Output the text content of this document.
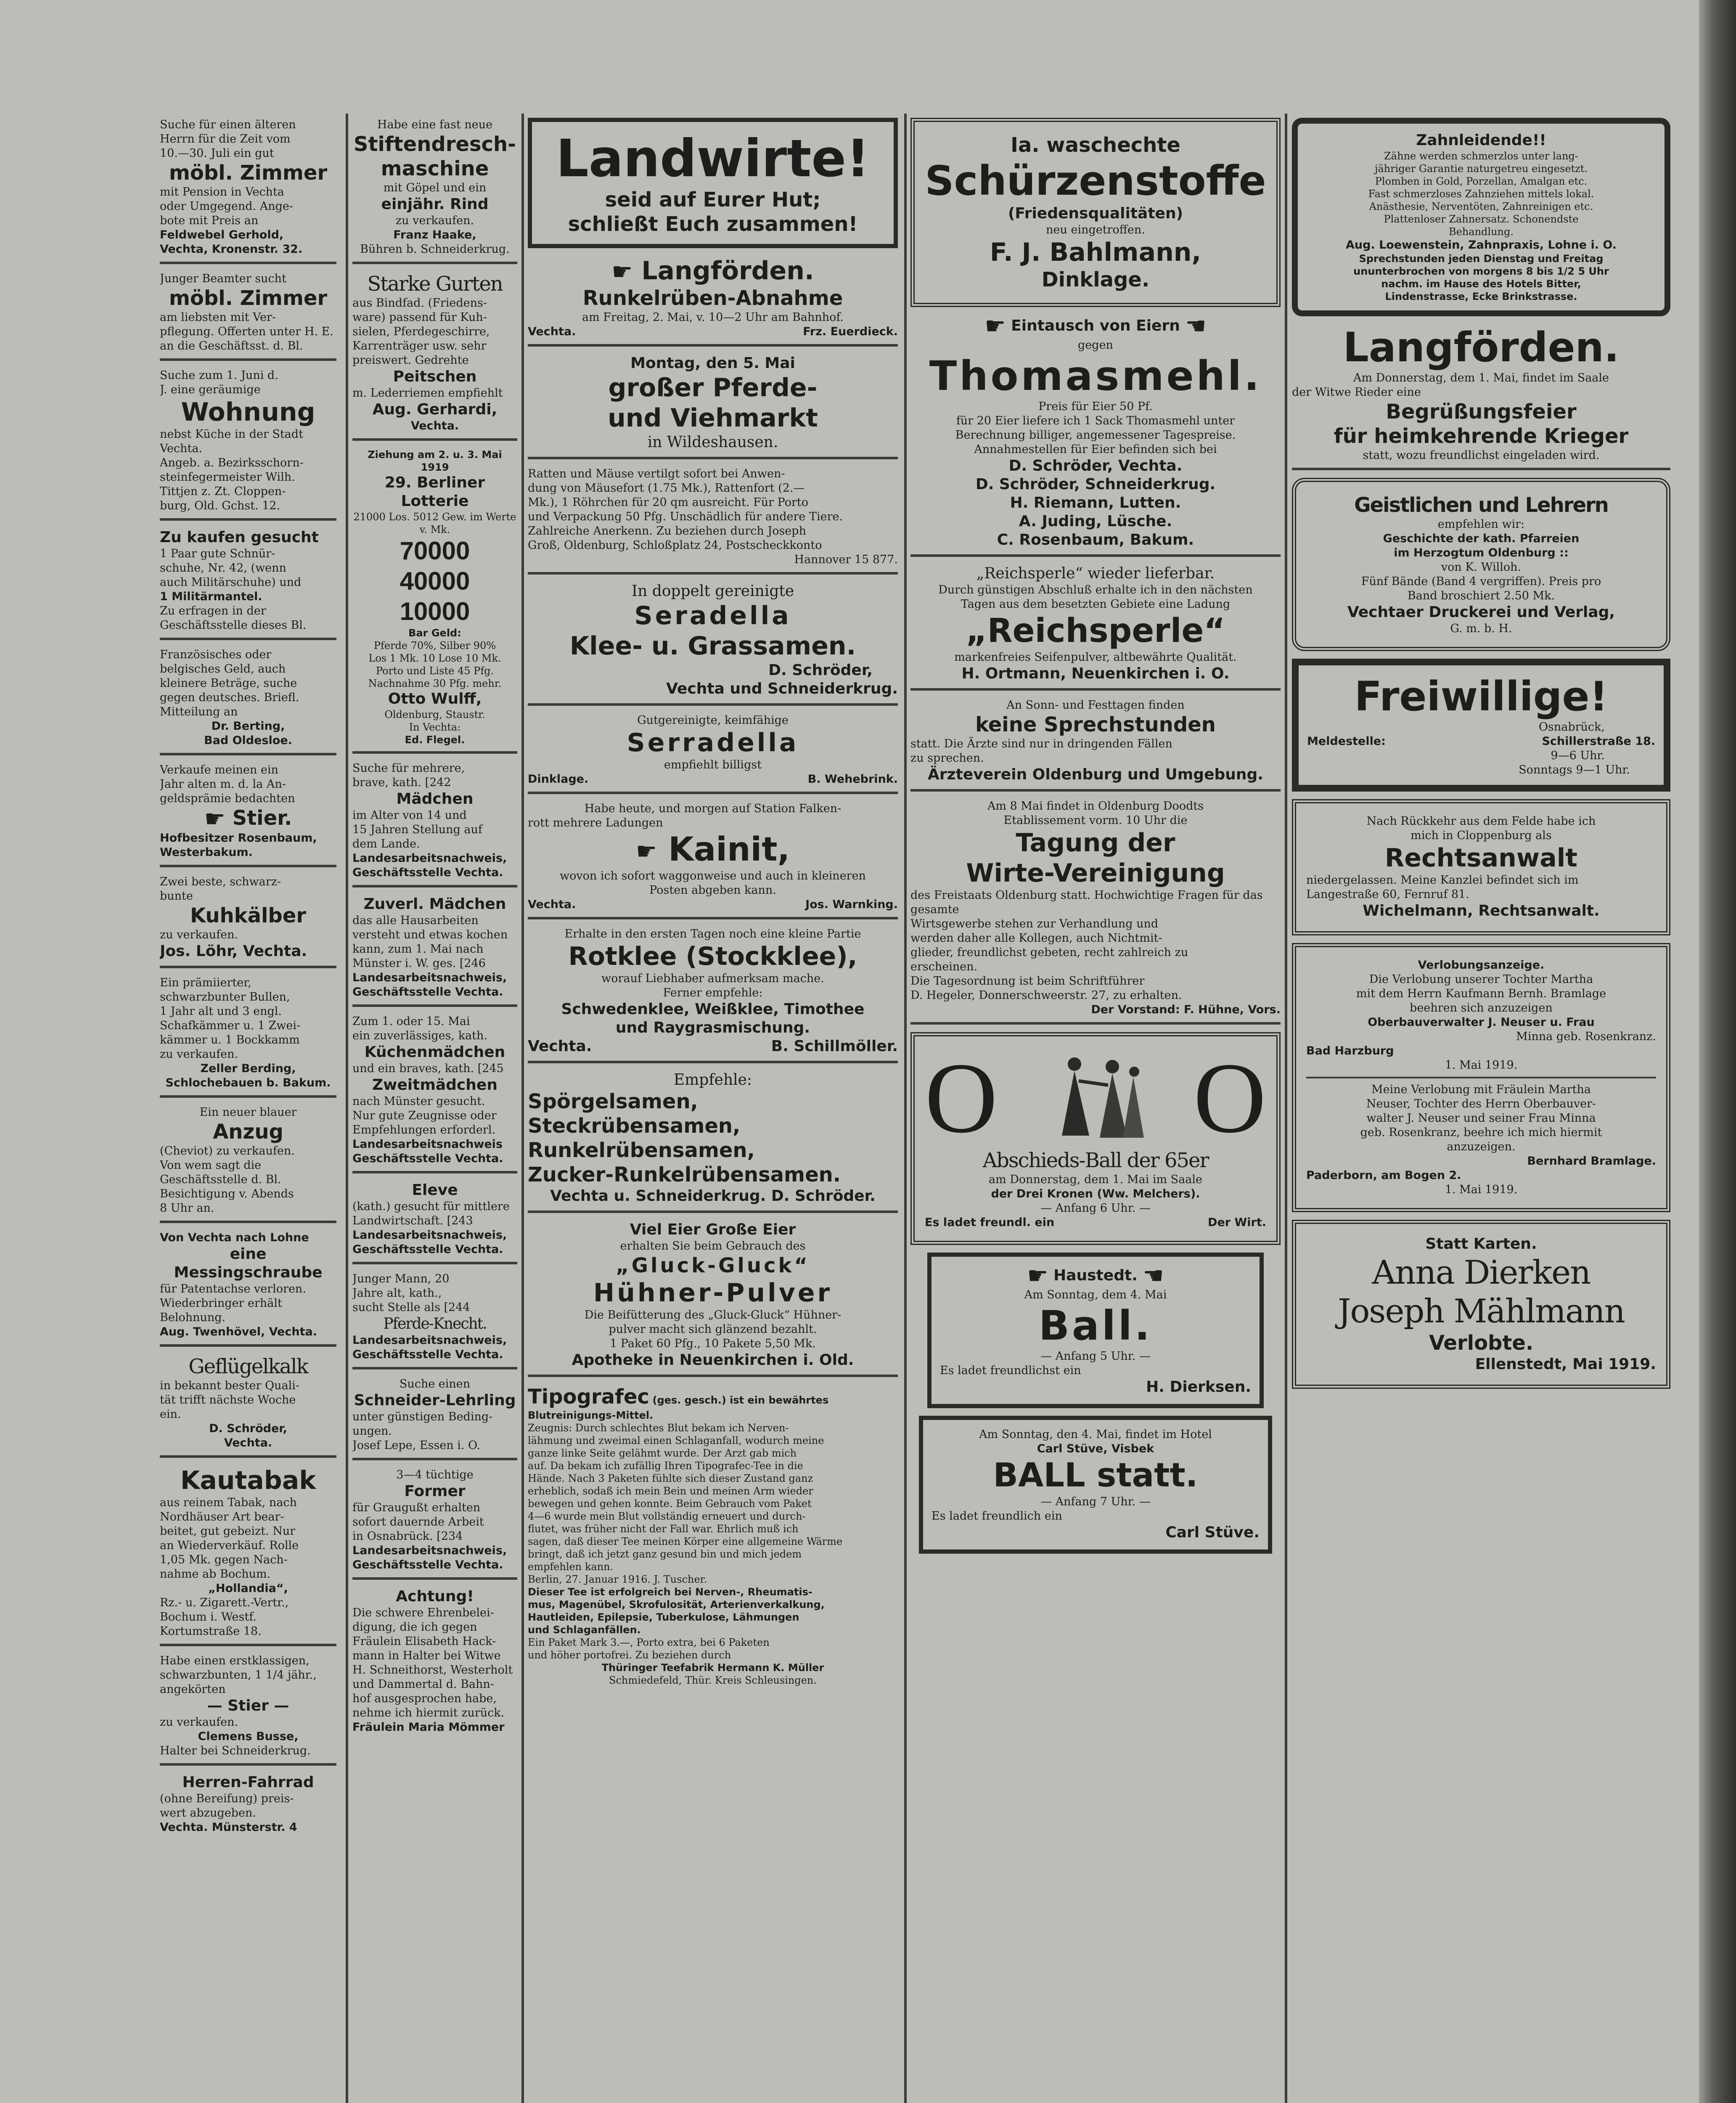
Suche für einen älteren
Herrn für die Zeit vom
10.—30. Juli ein gut
möbl. Zimmer
mit Pension in Vechta
oder Umgegend. Ange-
bote mit Preis an
Feldwebel Gerhold,
Vechta, Kronenstr. 32.
Junger Beamter sucht
möbl. Zimmer
am liebsten mit Ver-
pflegung. Offerten unter H. E.
an die Geschäftsst. d. Bl.
Suche zum 1. Juni d.
J. eine geräumige
Wohnung
nebst Küche in der Stadt
Vechta.
Angeb. a. Bezirksschorn-
steinfegermeister Wilh.
Tittjen z. Zt. Cloppen-
burg, Old. Gchst. 12.
Zu kaufen gesucht
1 Paar gute Schnür-
schuhe, Nr. 42, (wenn
auch Militärschuhe) und
1 Militärmantel.
Zu erfragen in der
Geschäftsstelle dieses Bl.
Französisches oder
belgisches Geld, auch
kleinere Beträge, suche
gegen deutsches. Briefl.
Mitteilung an
Dr. Berting,
Bad Oldesloe.
Verkaufe meinen ein
Jahr alten m. d. la An-
geldsprämie bedachten
☛ Stier.
Hofbesitzer Rosenbaum,
Westerbakum.
Zwei beste, schwarz-
bunte
Kuhkälber
zu verkaufen.
Jos. Löhr, Vechta.
Ein prämiierter,
schwarzbunter Bullen,
1 Jahr alt und 3 engl.
Schafkämmer u. 1 Zwei-
kämmer u. 1 Bockkamm
zu verkaufen.
Zeller Berding,
Schlochebauen b. Bakum.
Ein neuer blauer
Anzug
(Cheviot) zu verkaufen.
Von wem sagt die
Geschäftsstelle d. Bl.
Besichtigung v. Abends
8 Uhr an.
Von Vechta nach Lohne
eine Messingschraube
für Patentachse verloren.
Wiederbringer erhält
Belohnung.
Aug. Twenhövel, Vechta.
Geflügelkalk
in bekannt bester Quali-
tät trifft nächste Woche
ein.
D. Schröder,
Vechta.
Kautabak
aus reinem Tabak, nach
Nordhäuser Art bear-
beitet, gut gebeizt. Nur
an Wiederverkäuf. Rolle
1,05 Mk. gegen Nach-
nahme ab Bochum.
„Hollandia“,
Rz.- u. Zigarett.-Vertr.,
Bochum i. Westf.
Kortumstraße 18.
Habe einen erstklassigen,
schwarzbunten, 1 1/4 jähr.,
angekörten
— Stier —
zu verkaufen.
Clemens Busse,
Halter bei Schneiderkrug.
Herren-Fahrrad
(ohne Bereifung) preis-
wert abzugeben.
Vechta. Münsterstr. 4
Habe eine fast neue
Stiftendresch-maschine
mit Göpel und ein
einjähr. Rind
zu verkaufen.
Franz Haake,
Bühren b. Schneiderkrug.
Starke Gurten
aus Bindfad. (Friedens-
ware) passend für Kuh-
sielen, Pferdegeschirre,
Karrenträger usw. sehr
preiswert. Gedrehte
Peitschen
m. Lederriemen empfiehlt
Aug. Gerhardi,
Vechta.
Ziehung am 2. u. 3. Mai 1919
29. Berliner Lotterie
21000 Los. 5012 Gew. im Werte v. Mk.
70000
40000
10000
Bar Geld:
Pferde 70%, Silber 90%
Los 1 Mk. 10 Lose 10 Mk.
Porto und Liste 45 Pfg.
Nachnahme 30 Pfg. mehr.
Otto Wulff,
Oldenburg, Staustr.
In Vechta:
Ed. Flegel.
Suche für mehrere,
brave, kath. [242
Mädchen
im Alter von 14 und
15 Jahren Stellung auf
dem Lande.
Landesarbeitsnachweis,
Geschäftsstelle Vechta.
Zuverl. Mädchen
das alle Hausarbeiten
versteht und etwas kochen
kann, zum 1. Mai nach
Münster i. W. ges. [246
Landesarbeitsnachweis,
Geschäftsstelle Vechta.
Zum 1. oder 15. Mai
ein zuverlässiges, kath.
Küchenmädchen
und ein braves, kath. [245
Zweitmädchen
nach Münster gesucht.
Nur gute Zeugnisse oder
Empfehlungen erforderl.
Landesarbeitsnachweis
Geschäftsstelle Vechta.
Eleve
(kath.) gesucht für mittlere
Landwirtschaft. [243
Landesarbeitsnachweis,
Geschäftsstelle Vechta.
Junger Mann, 20
Jahre alt, kath.,
sucht Stelle als [244
Pferde-Knecht.
Landesarbeitsnachweis,
Geschäftsstelle Vechta.
Suche einen
Schneider-Lehrling
unter günstigen Beding-
ungen.
Josef Lepe, Essen i. O.
3—4 tüchtige
Former
für Graugußt erhalten
sofort dauernde Arbeit
in Osnabrück. [234
Landesarbeitsnachweis,
Geschäftsstelle Vechta.
Achtung!
Die schwere Ehrenbelei-
digung, die ich gegen
Fräulein Elisabeth Hack-
mann in Halter bei Witwe
H. Schneithorst, Westerholt
und Dammertal d. Bahn-
hof ausgesprochen habe,
nehme ich hiermit zurück.
Fräulein Maria Mömmer
Landwirte!
seid auf Eurer Hut;
schließt Euch zusammen!
☛ Langförden.
Runkelrüben-Abnahme
am Freitag, 2. Mai, v. 10—2 Uhr am Bahnhof.
Vechta.	Frz. Euerdieck.
Montag, den 5. Mai
großer Pferde-
und Viehmarkt
in Wildeshausen.
Ratten und Mäuse vertilgt sofort bei Anwen-
dung von Mäusefort (1.75 Mk.), Rattenfort (2.—
Mk.), 1 Röhrchen für 20 qm ausreicht. Für Porto
und Verpackung 50 Pfg. Unschädlich für andere Tiere.
Zahlreiche Anerkenn. Zu beziehen durch Joseph
Groß, Oldenburg, Schloßplatz 24, Postscheckkonto
Hannover 15 877.
In doppelt gereinigte
Seradella
Klee- u. Grassamen.
D. Schröder,
Vechta und Schneiderkrug.
Gutgereinigte, keimfähige
Serradella
empfiehlt billigst
Dinklage.	B. Wehebrink.
Habe heute, und morgen auf Station Falken-
rott mehrere Ladungen
☛ Kainit,
wovon ich sofort waggonweise und auch in kleineren
Posten abgeben kann.
Vechta.	Jos. Warnking.
Erhalte in den ersten Tagen noch eine kleine Partie
Rotklee (Stockklee),
worauf Liebhaber aufmerksam mache.
Ferner empfehle:
Schwedenklee, Weißklee, Timothee
und Raygrasmischung.
Vechta.	B. Schillmöller.
Empfehle:
Spörgelsamen,
Steckrübensamen,
Runkelrübensamen,
Zucker-Runkelrübensamen.
Vechta u. Schneiderkrug. D. Schröder.
Viel Eier Große Eier
erhalten Sie beim Gebrauch des
„Gluck-Gluck“
Hühner-Pulver
Die Beifütterung des „Gluck-Gluck“ Hühner-
pulver macht sich glänzend bezahlt.
1 Paket 60 Pfg., 10 Pakete 5,50 Mk.
Apotheke in Neuenkirchen i. Old.
Tipografec (ges. gesch.) ist ein bewährtes Blutreinigungs-Mittel.
Zeugnis: Durch schlechtes Blut bekam ich Nerven-
lähmung und zweimal einen Schlaganfall, wodurch meine
ganze linke Seite gelähmt wurde. Der Arzt gab mich
auf. Da bekam ich zufällig Ihren Tipografec-Tee in die
Hände. Nach 3 Paketen fühlte sich dieser Zustand ganz
erheblich, sodaß ich mein Bein und meinen Arm wieder
bewegen und gehen konnte. Beim Gebrauch vom Paket
4—6 wurde mein Blut vollständig erneuert und durch-
flutet, was früher nicht der Fall war. Ehrlich muß ich
sagen, daß dieser Tee meinen Körper eine allgemeine Wärme
bringt, daß ich jetzt ganz gesund bin und mich jedem
empfehlen kann.
Berlin, 27. Januar 1916. J. Tuscher.
Dieser Tee ist erfolgreich bei Nerven-, Rheumatis-
mus, Magenübel, Skrofulosität, Arterienverkalkung,
Hautleiden, Epilepsie, Tuberkulose, Lähmungen
und Schlaganfällen.
Ein Paket Mark 3.—, Porto extra, bei 6 Paketen
und höher portofrei. Zu beziehen durch
Thüringer Teefabrik Hermann K. Müller
Schmiedefeld, Thür. Kreis Schleusingen.
Ia. waschechte
Schürzenstoffe
(Friedensqualitäten)
neu eingetroffen.
F. J. Bahlmann,
Dinklage.
☛ Eintausch von Eiern ☚
gegen
Thomasmehl.
Preis für Eier 50 Pf.
für 20 Eier liefere ich 1 Sack Thomasmehl unter
Berechnung billiger, angemessener Tagespreise.
Annahmestellen für Eier befinden sich bei
D. Schröder, Vechta.
D. Schröder, Schneiderkrug.
H. Riemann, Lutten.
A. Juding, Lüsche.
C. Rosenbaum, Bakum.
„Reichsperle“ wieder lieferbar.
Durch günstigen Abschluß erhalte ich in den nächsten
Tagen aus dem besetzten Gebiete eine Ladung
„Reichsperle“
markenfreies Seifenpulver, altbewährte Qualität.
H. Ortmann, Neuenkirchen i. O.
An Sonn- und Festtagen finden
keine Sprechstunden
statt. Die Ärzte sind nur in dringenden Fällen
zu sprechen.
Ärzteverein Oldenburg und Umgebung.
Am 8 Mai findet in Oldenburg Doodts
Etablissement vorm. 10 Uhr die
Tagung der
Wirte-Vereinigung
des Freistaats Oldenburg statt. Hochwichtige Fragen für das gesamte
Wirtsgewerbe stehen zur Verhandlung und
werden daher alle Kollegen, auch Nichtmit-
glieder, freundlichst gebeten, recht zahlreich zu
erscheinen.
Die Tagesordnung ist beim Schriftführer
D. Hegeler, Donnerschweerstr. 27, zu erhalten.
Der Vorstand: F. Hühne, Vors.
O O
Abschieds-Ball der 65er
am Donnerstag, dem 1. Mai im Saale
der Drei Kronen (Ww. Melchers).
— Anfang 6 Uhr. —
Es ladet freundl. ein	Der Wirt.
☛ Haustedt. ☚
Am Sonntag, dem 4. Mai
Ball.
— Anfang 5 Uhr. —
Es ladet freundlichst ein
H. Dierksen.
Am Sonntag, den 4. Mai, findet im Hotel
Carl Stüve, Visbek
BALL statt.
— Anfang 7 Uhr. —
Es ladet freundlich ein
Carl Stüve.
Zahnleidende!!
Zähne werden schmerzlos unter lang-
jähriger Garantie naturgetreu eingesetzt.
Plomben in Gold, Porzellan, Amalgan etc.
Fast schmerzloses Zahnziehen mittels lokal.
Anästhesie, Nerventöten, Zahnreinigen etc.
Plattenloser Zahnersatz. Schonendste
Behandlung.
Aug. Loewenstein, Zahnpraxis, Lohne i. O.
Sprechstunden jeden Dienstag und Freitag
ununterbrochen von morgens 8 bis 1/2 5 Uhr
nachm. im Hause des Hotels Bitter,
Lindenstrasse, Ecke Brinkstrasse.
Langförden.
Am Donnerstag, dem 1. Mai, findet im Saale
der Witwe Rieder eine
Begrüßungsfeier
für heimkehrende Krieger
statt, wozu freundlichst eingeladen wird.
Geistlichen und Lehrern
empfehlen wir:
Geschichte der kath. Pfarreien
im Herzogtum Oldenburg ::
von K. Willoh.
Fünf Bände (Band 4 vergriffen). Preis pro
Band broschiert 2.50 Mk.
Vechtaer Druckerei und Verlag,
G. m. b. H.
Freiwillige!
Osnabrück,
Meldestelle:	Schillerstraße 18.
9—6 Uhr.
Sonntags 9—1 Uhr.
Nach Rückkehr aus dem Felde habe ich
mich in Cloppenburg als
Rechtsanwalt
niedergelassen. Meine Kanzlei befindet sich im
Langestraße 60, Fernruf 81.
Wichelmann, Rechtsanwalt.
Verlobungsanzeige.
Die Verlobung unserer Tochter Martha
mit dem Herrn Kaufmann Bernh. Bramlage
beehren sich anzuzeigen
Oberbauverwalter J. Neuser u. Frau
Minna geb. Rosenkranz.
Bad Harzburg
1. Mai 1919.
Meine Verlobung mit Fräulein Martha
Neuser, Tochter des Herrn Oberbauver-
walter J. Neuser und seiner Frau Minna
geb. Rosenkranz, beehre ich mich hiermit
anzuzeigen.
Bernhard Bramlage.
Paderborn, am Bogen 2.
1. Mai 1919.
Statt Karten.
Anna Dierken
Joseph Mählmann
Verlobte.
Ellenstedt, Mai 1919.
